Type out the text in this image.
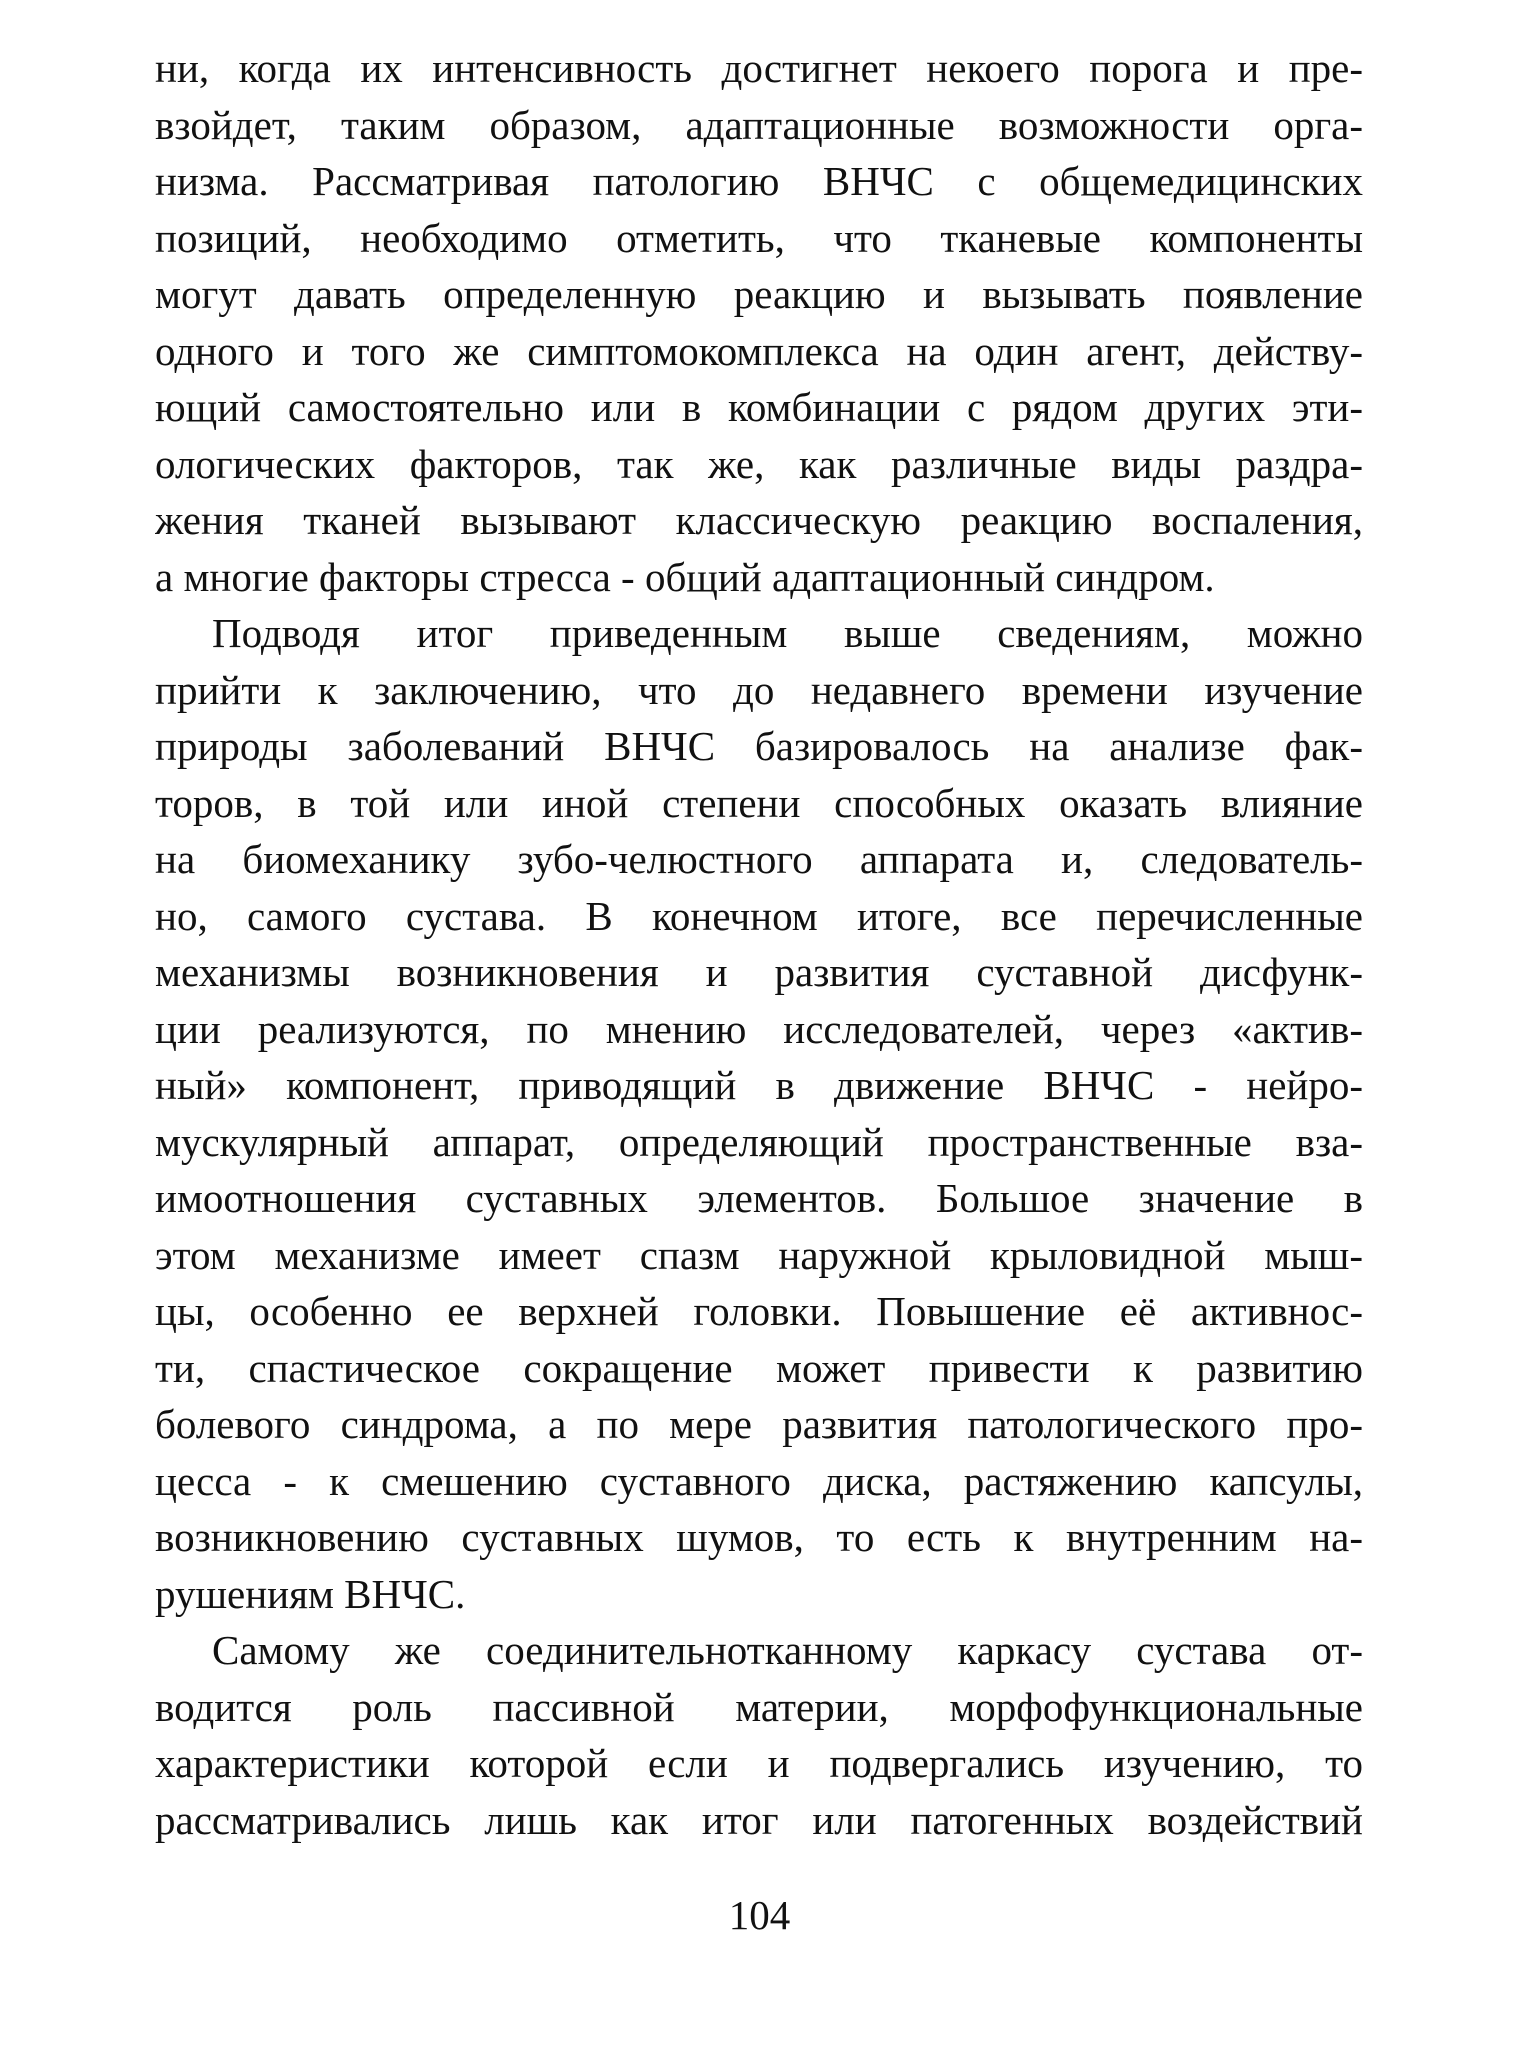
ни, когда их интенсивность достигнет некоего порога и пре-
взойдет, таким образом, адаптационные возможности орга-
низма. Рассматривая патологию ВНЧС с общемедицинских
позиций, необходимо отметить, что тканевые компоненты
могут давать определенную реакцию и вызывать появление
одного и того же симптомокомплекса на один агент, действу-
ющий самостоятельно или в комбинации с рядом других эти-
ологических факторов, так же, как различные виды раздра-
жения тканей вызывают классическую реакцию воспаления,
а многие факторы стресса - общий адаптационный синдром.
Подводя итог приведенным выше сведениям, можно
прийти к заключению, что до недавнего времени изучение
природы заболеваний ВНЧС базировалось на анализе фак-
торов, в той или иной степени способных оказать влияние
на биомеханику зубо-челюстного аппарата и, следователь-
но, самого сустава. В конечном итоге, все перечисленные
механизмы возникновения и развития суставной дисфунк-
ции реализуются, по мнению исследователей, через «актив-
ный» компонент, приводящий в движение ВНЧС - нейро-
мускулярный аппарат, определяющий пространственные вза-
имоотношения суставных элементов. Большое значение в
этом механизме имеет спазм наружной крыловидной мыш-
цы, особенно ее верхней головки. Повышение её активнос-
ти, спастическое сокращение может привести к развитию
болевого синдрома, а по мере развития патологического про-
цесса - к смешению суставного диска, растяжению капсулы,
возникновению суставных шумов, то есть к внутренним на-
рушениям ВНЧС.
Самому же соединительнотканному каркасу сустава от-
водится роль пассивной материи, морфофункциональные
характеристики которой если и подвергались изучению, то
рассматривались лишь как итог или патогенных воздействий
104
